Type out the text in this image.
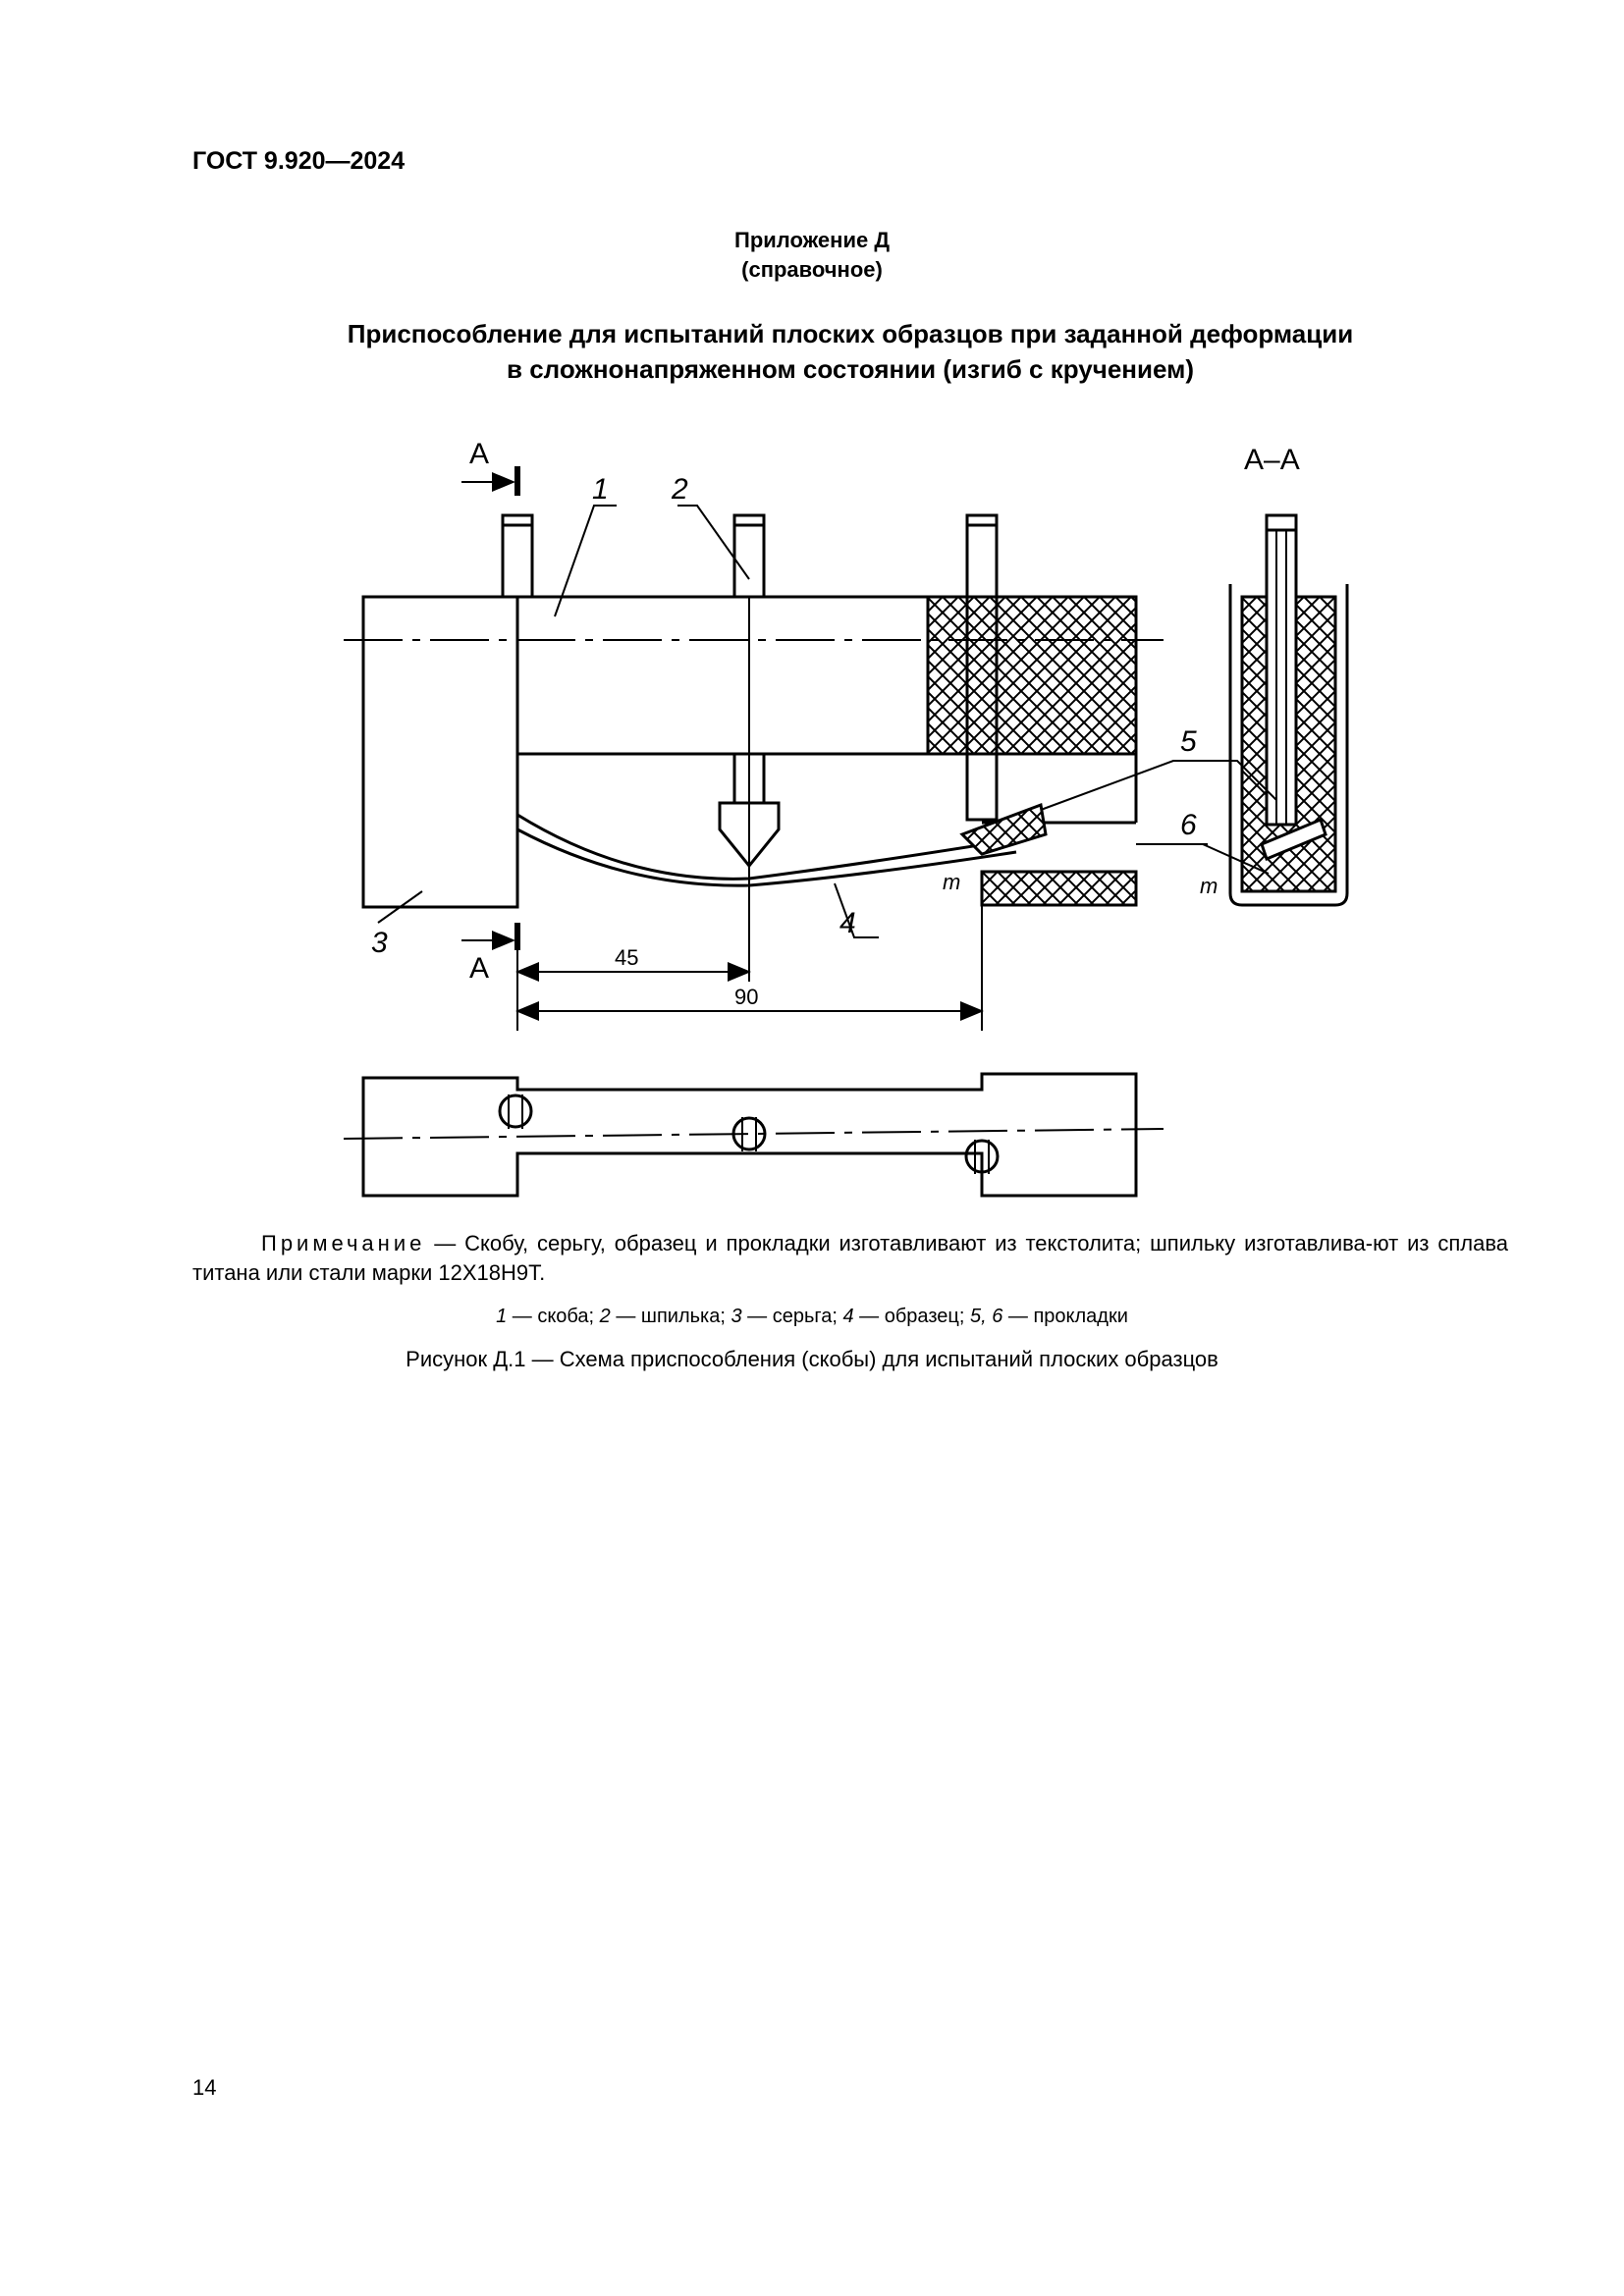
ГОСТ 9.920—2024
Приложение Д
(справочное)
Приспособление для испытаний плоских образцов при заданной деформации
в сложнонапряженном состоянии (изгиб с кручением)
А
А
А–А
1 2
3
4
5
6
m	m
45
90
Примечание — Скобу, серьгу, образец и прокладки изготавливают из текстолита; шпильку изготавлива-ют из сплава титана или стали марки 12Х18Н9Т.
1 — скоба; 2 — шпилька; 3 — серьга; 4 — образец; 5, 6 — прокладки
Рисунок Д.1 — Схема приспособления (скобы) для испытаний плоских образцов
14
